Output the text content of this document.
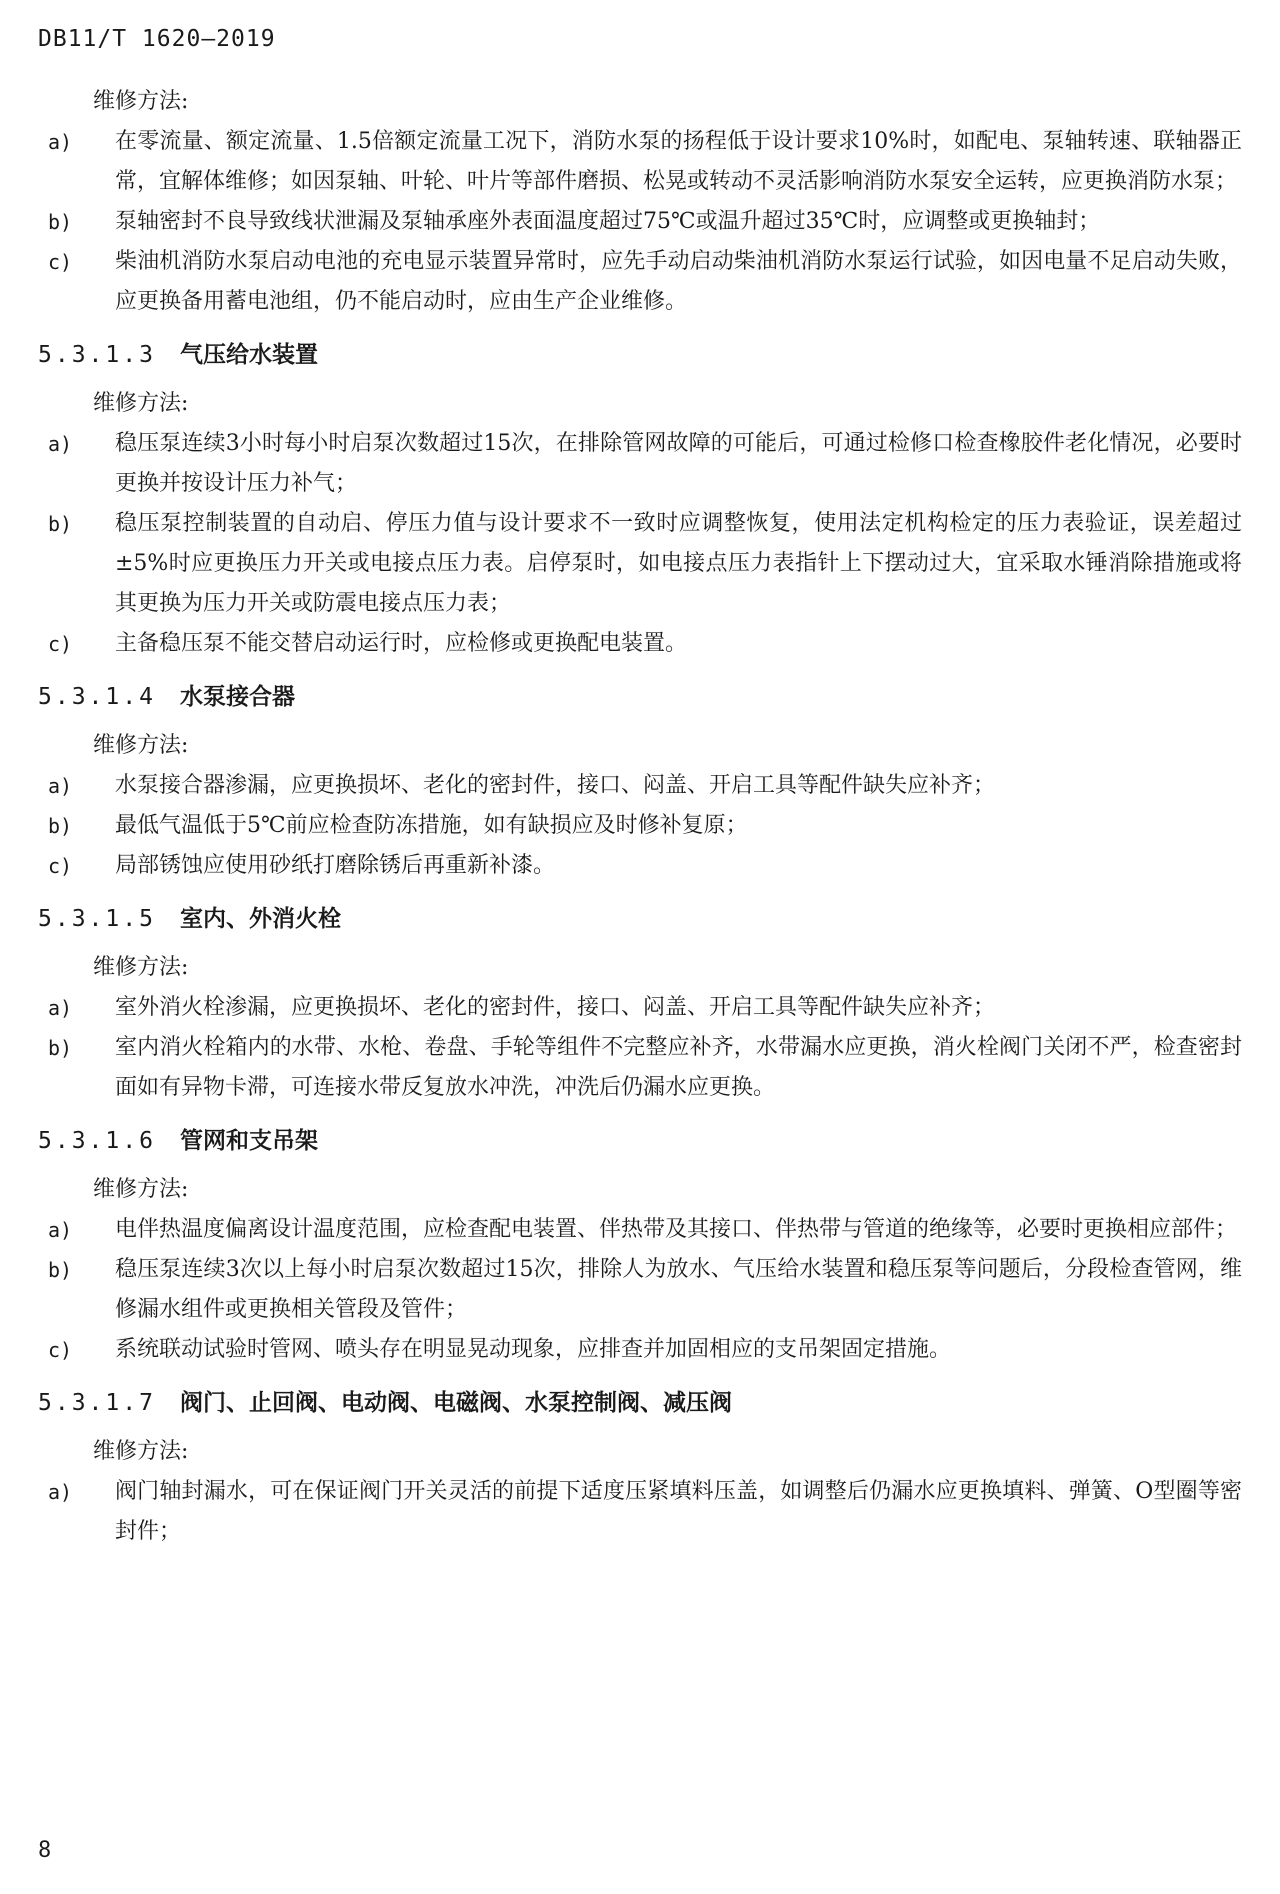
DB11/T 1620—2019
维修方法:
a)	在零流量、额定流量、1.5倍额定流量工况下，消防水泵的扬程低于设计要求10%时，如配电、泵轴转速、联轴器正常，宜解体维修；如因泵轴、叶轮、叶片等部件磨损、松晃或转动不灵活影响消防水泵安全运转，应更换消防水泵；
b)	泵轴密封不良导致线状泄漏及泵轴承座外表面温度超过75℃或温升超过35℃时，应调整或更换轴封；
c)	柴油机消防水泵启动电池的充电显示装置异常时，应先手动启动柴油机消防水泵运行试验，如因电量不足启动失败，应更换备用蓄电池组，仍不能启动时，应由生产企业维修。
5.3.1.3 气压给水装置
维修方法:
a)	稳压泵连续3小时每小时启泵次数超过15次，在排除管网故障的可能后，可通过检修口检查橡胶件老化情况，必要时更换并按设计压力补气；
b)	稳压泵控制装置的自动启、停压力值与设计要求不一致时应调整恢复，使用法定机构检定的压力表验证，误差超过±5%时应更换压力开关或电接点压力表。启停泵时，如电接点压力表指针上下摆动过大，宜采取水锤消除措施或将其更换为压力开关或防震电接点压力表；
c)	主备稳压泵不能交替启动运行时，应检修或更换配电装置。
5.3.1.4 水泵接合器
维修方法:
a)	水泵接合器渗漏，应更换损坏、老化的密封件，接口、闷盖、开启工具等配件缺失应补齐；
b)	最低气温低于5℃前应检查防冻措施，如有缺损应及时修补复原；
c)	局部锈蚀应使用砂纸打磨除锈后再重新补漆。
5.3.1.5 室内、外消火栓
维修方法:
a)	室外消火栓渗漏，应更换损坏、老化的密封件，接口、闷盖、开启工具等配件缺失应补齐；
b)	室内消火栓箱内的水带、水枪、卷盘、手轮等组件不完整应补齐，水带漏水应更换，消火栓阀门关闭不严，检查密封面如有异物卡滞，可连接水带反复放水冲洗，冲洗后仍漏水应更换。
5.3.1.6 管网和支吊架
维修方法:
a)	电伴热温度偏离设计温度范围，应检查配电装置、伴热带及其接口、伴热带与管道的绝缘等，必要时更换相应部件；
b)	稳压泵连续3次以上每小时启泵次数超过15次，排除人为放水、气压给水装置和稳压泵等问题后，分段检查管网，维修漏水组件或更换相关管段及管件；
c)	系统联动试验时管网、喷头存在明显晃动现象，应排查并加固相应的支吊架固定措施。
5.3.1.7 阀门、止回阀、电动阀、电磁阀、水泵控制阀、减压阀
维修方法:
a)	阀门轴封漏水，可在保证阀门开关灵活的前提下适度压紧填料压盖，如调整后仍漏水应更换填料、弹簧、O型圈等密封件；
8
